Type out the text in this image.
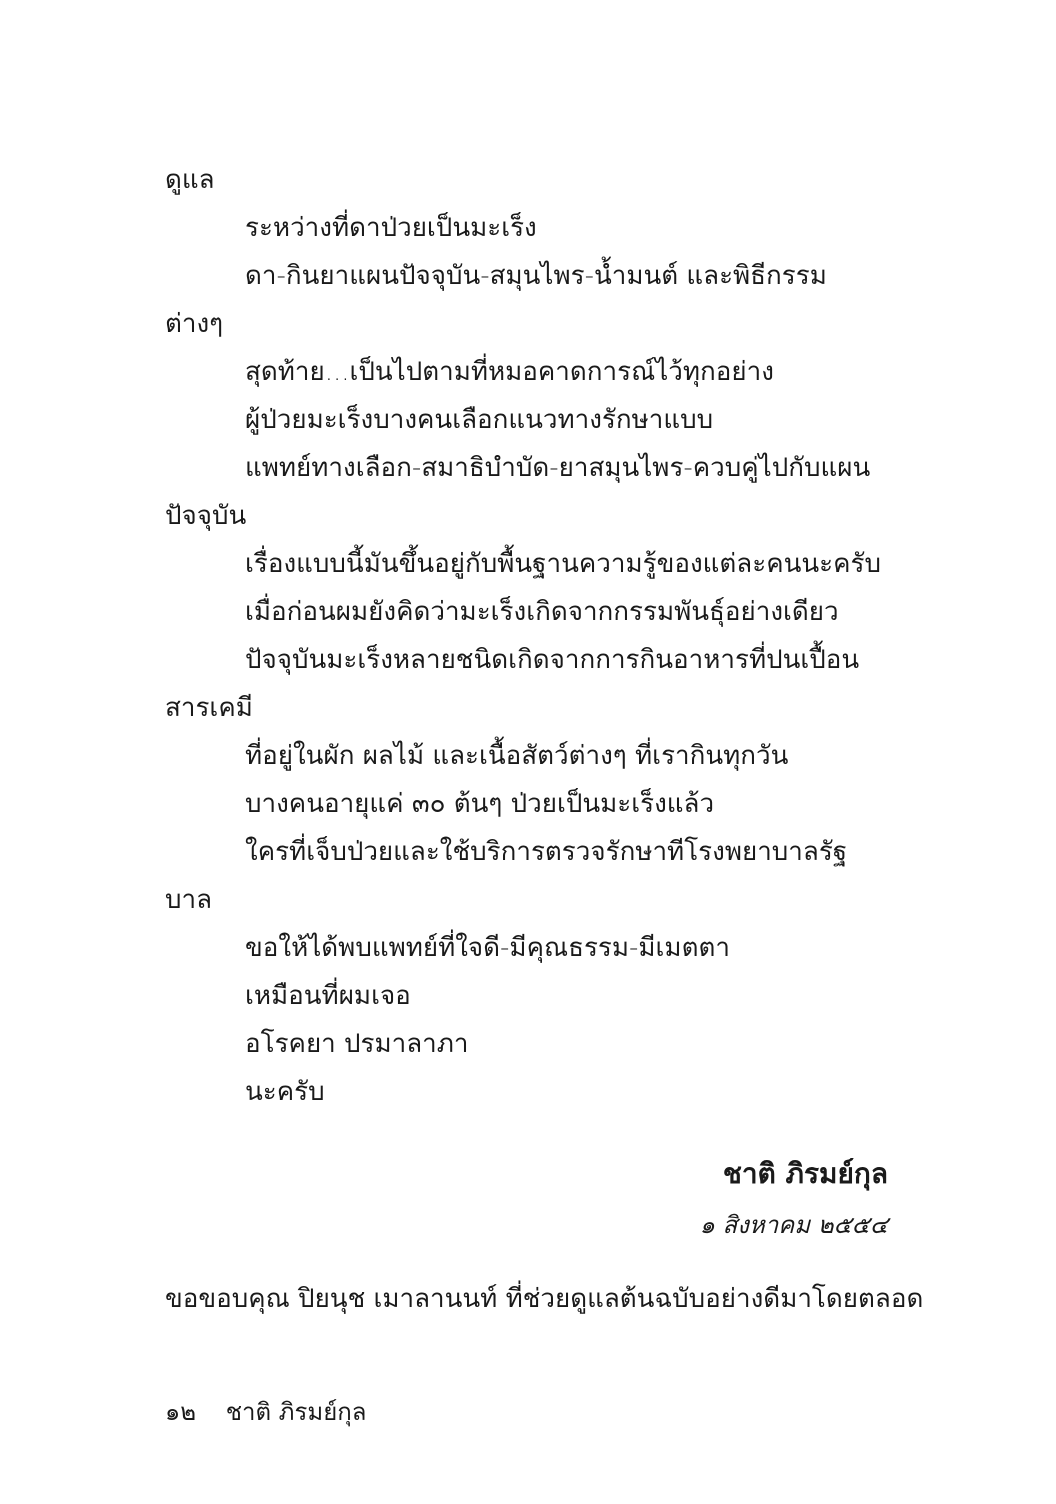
ดูแล
ระหว่างที่ดาป่วยเป็นมะเร็ง
ดา-กินยาแผนปัจจุบัน-สมุนไพร-น้ำมนต์ และพิธีกรรม
ต่างๆ
สุดท้าย...เป็นไปตามที่หมอคาดการณ์ไว้ทุกอย่าง
ผู้ป่วยมะเร็งบางคนเลือกแนวทางรักษาแบบ
แพทย์ทางเลือก-สมาธิบำบัด-ยาสมุนไพร-ควบคู่ไปกับแผน
ปัจจุบัน
เรื่องแบบนี้มันขึ้นอยู่กับพื้นฐานความรู้ของแต่ละคนนะครับ
เมื่อก่อนผมยังคิดว่ามะเร็งเกิดจากกรรมพันธุ์อย่างเดียว
ปัจจุบันมะเร็งหลายชนิดเกิดจากการกินอาหารที่ปนเปื้อน
สารเคมี
ที่อยู่ในผัก ผลไม้ และเนื้อสัตว์ต่างๆ ที่เรากินทุกวัน
บางคนอายุแค่ ๓๐ ต้นๆ ป่วยเป็นมะเร็งแล้ว
ใครที่เจ็บป่วยและใช้บริการตรวจรักษาทีโรงพยาบาลรัฐ
บาล
ขอให้ได้พบแพทย์ที่ใจดี-มีคุณธรรม-มีเมตตา
เหมือนที่ผมเจอ
อโรคยา ปรมาลาภา
นะครับ
ชาติ ภิรมย์กุล
๑ สิงหาคม ๒๕๕๔
ขอขอบคุณ ปิยนุช เมาลานนท์ ที่ช่วยดูแลต้นฉบับอย่างดีมาโดยตลอด
๑๒ ชาติ ภิรมย์กุล
